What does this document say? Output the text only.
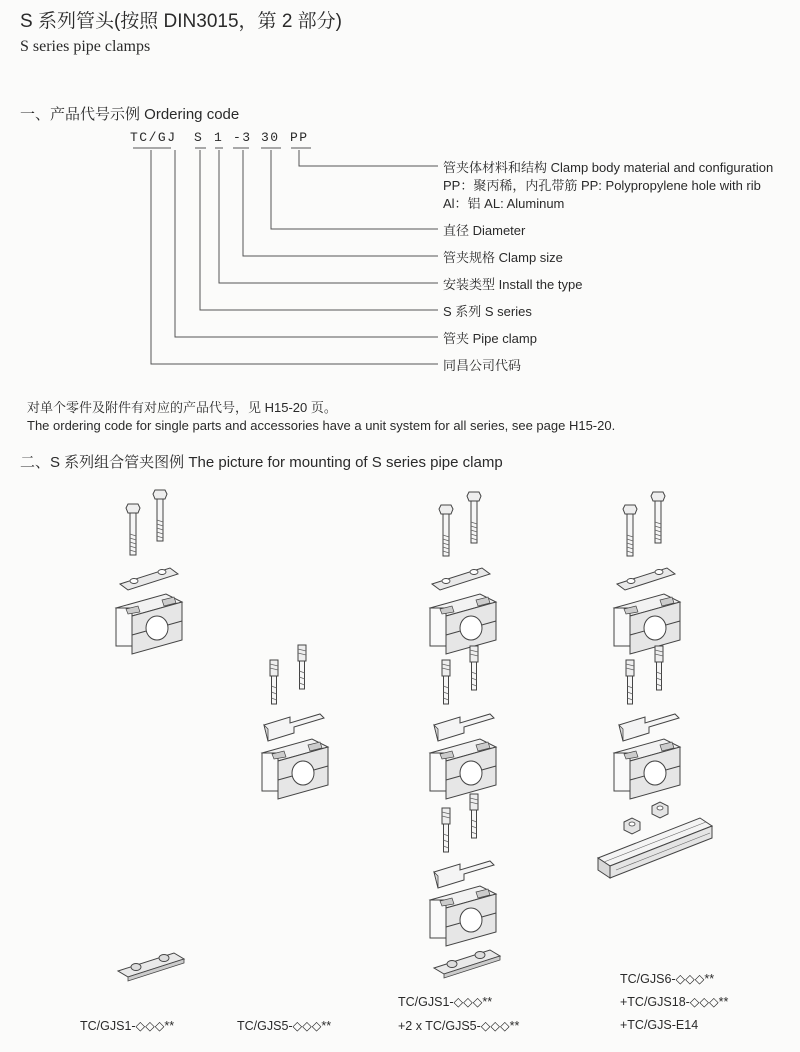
S 系列管头(按照 DIN3015，第 2 部分)
S series pipe clamps
一、产品代号示例 Ordering code
TC/GJ S 1 -3 30 PP
管夹体材料和结构 Clamp body material and configuration
PP：聚丙稀，内孔带筋 PP: Polypropylene hole with rib
Al：铝 AL: Aluminum
直径 Diameter
管夹规格 Clamp size
安装类型 Install the type
S 系列 S series
管夹 Pipe clamp
同昌公司代码
对单个零件及附件有对应的产品代号，见 H15-20 页。
The ordering code for single parts and accessories have a unit system for all series, see page H15-20.
二、S 系列组合管夹图例 The picture for mounting of S series pipe clamp
TC/GJS1-◇◇◇**	TC/GJS5-◇◇◇**
TC/GJS1-◇◇◇**
+2 x TC/GJS5-◇◇◇**
TC/GJS6-◇◇◇**
+TC/GJS18-◇◇◇**
+TC/GJS-E14
